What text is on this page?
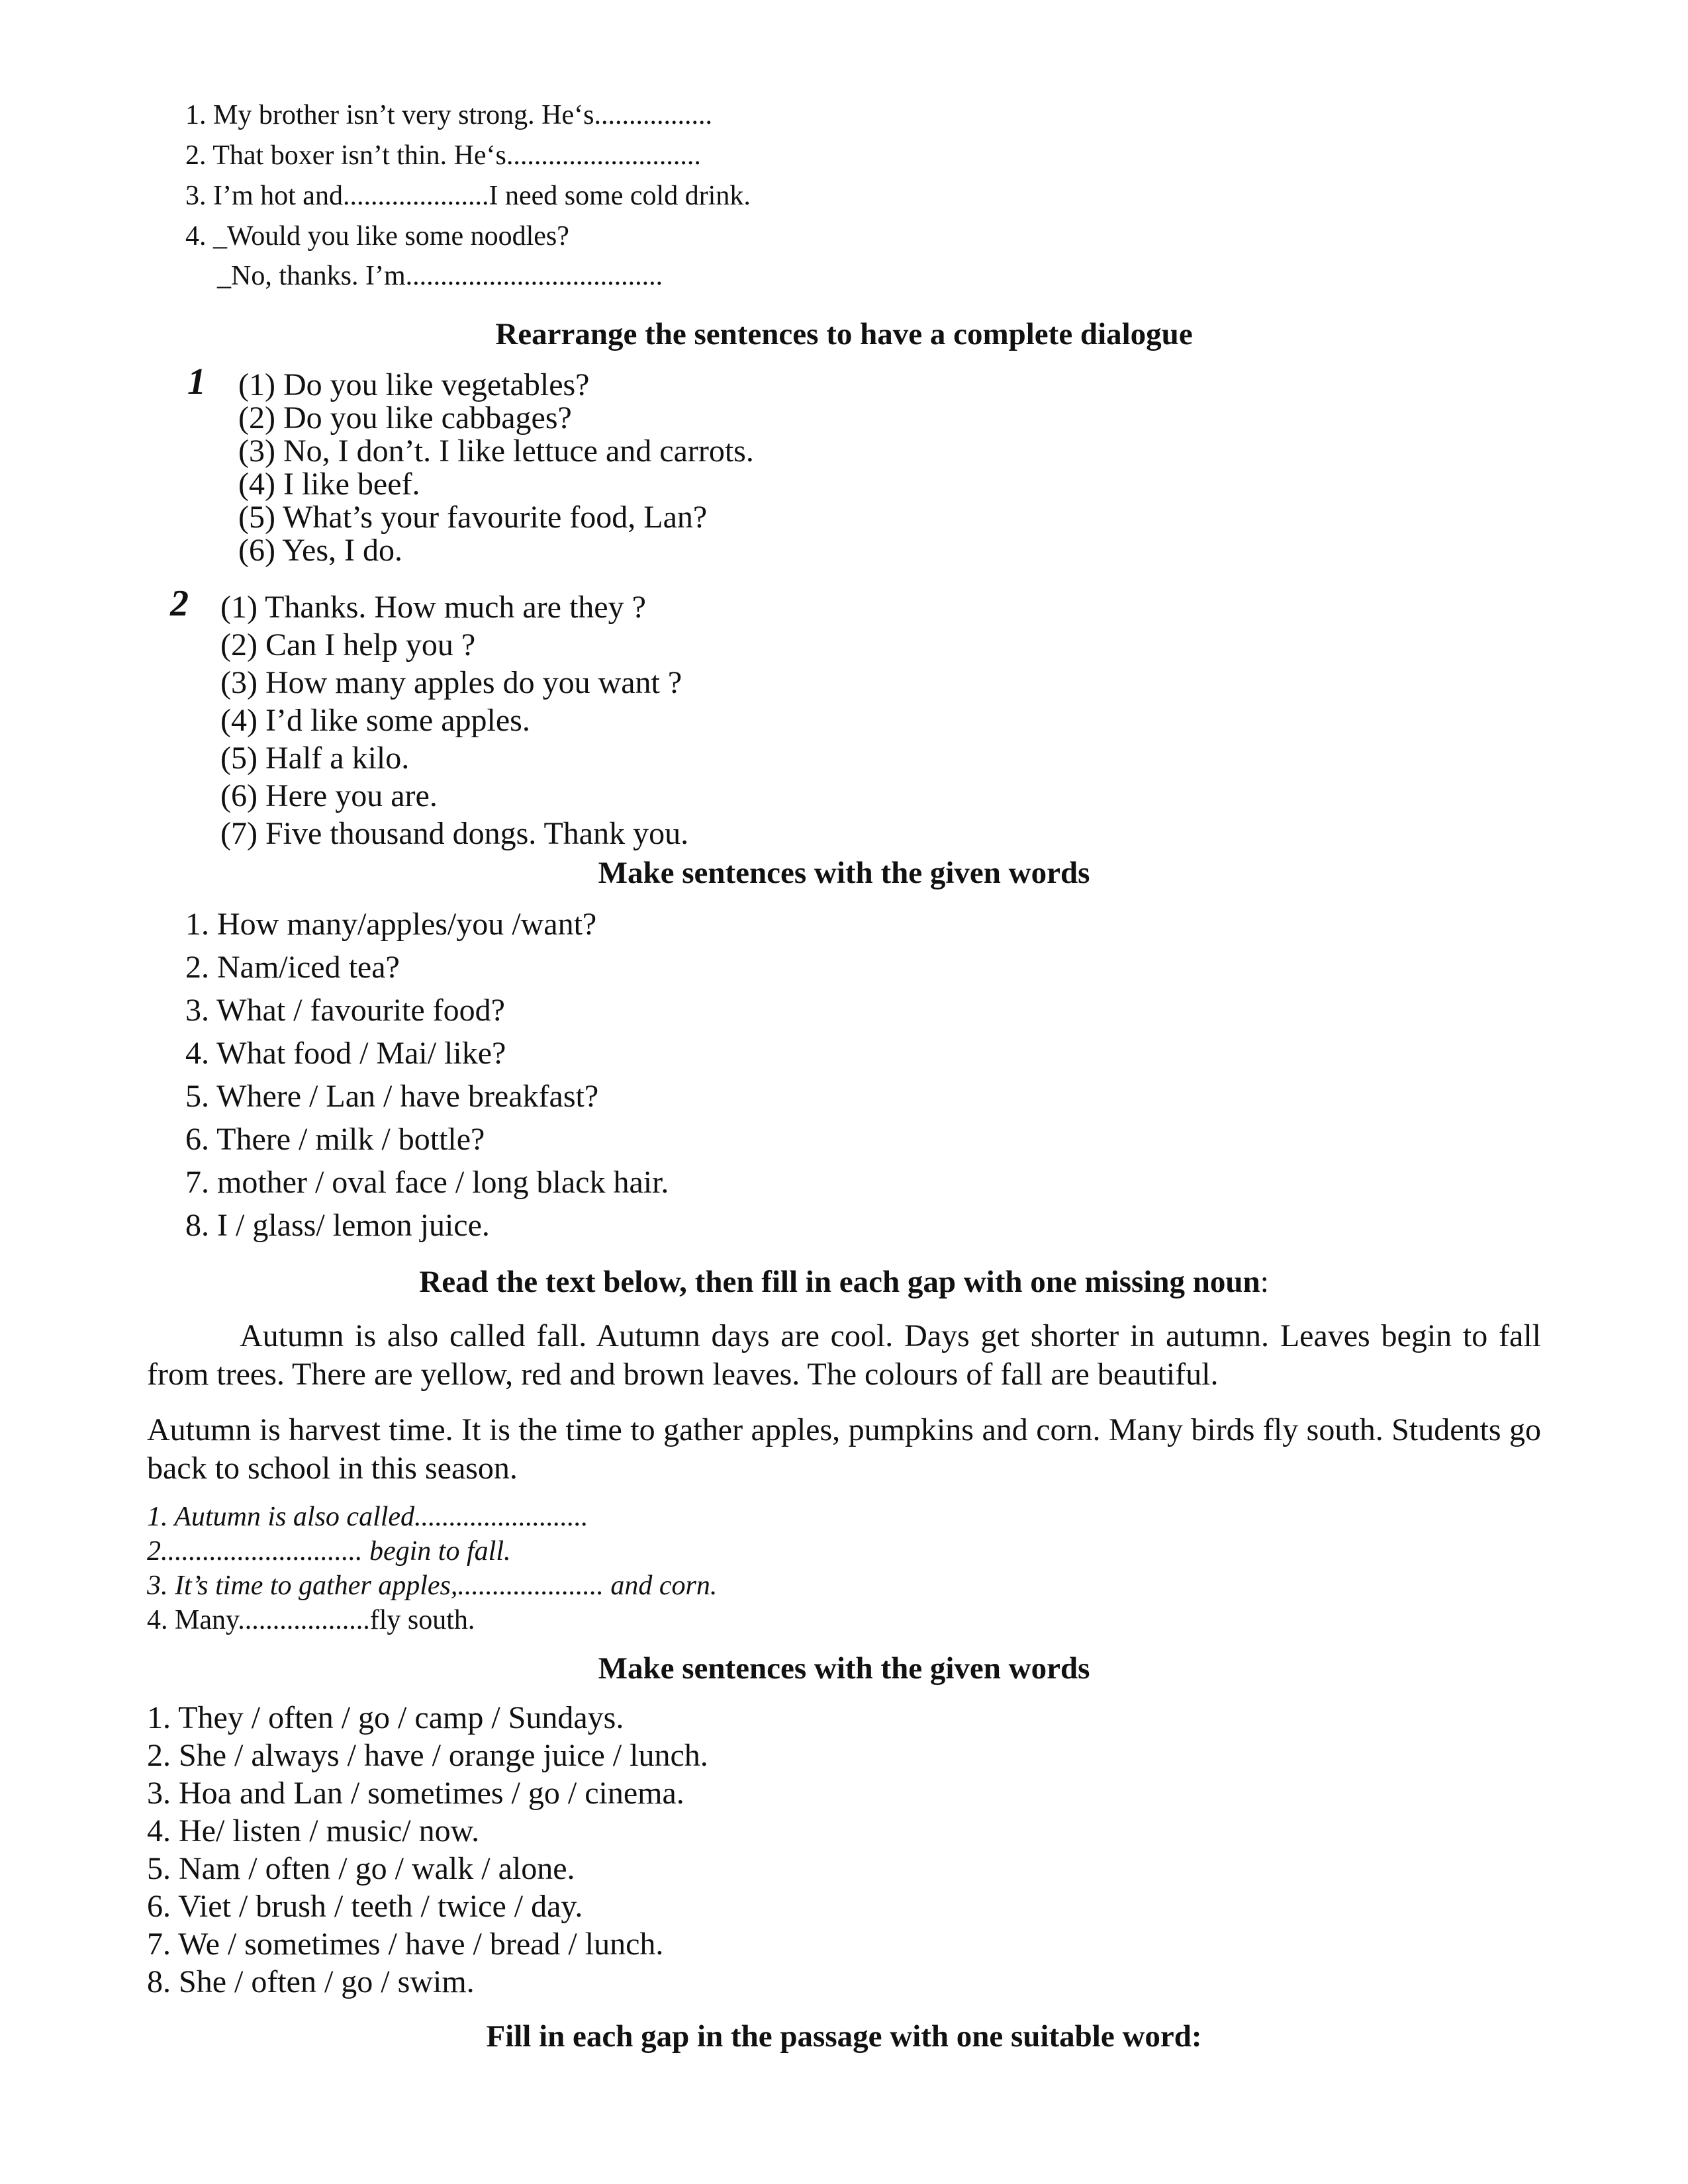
1. My brother isn’t very strong. He‘s.................

2. That boxer isn’t thin. He‘s............................

3. I’m hot and.....................I need some cold drink.

4. _Would you like some noodles?

_No, thanks. I’m.....................................

Rearrange the sentences to have a complete dialogue
1 (1) Do you like vegetables?

(2) Do you like cabbages?

(3) No, I don’t. I like lettuce and carrots.

(4) I like beef.

(5) What’s your favourite food, Lan?

(6) Yes, I do.

2 (1) Thanks. How much are they ?

(2) Can I help you ?

(3) How many apples do you want ?

(4) I’d like some apples.

(5) Half a kilo.

(6) Here you are.

(7) Five thousand dongs. Thank you.

Make sentences with the given words

1. How many/apples/you /want?

2. Nam/iced tea?

3. What / favourite food?

4. What food / Mai/ like?

5. Where / Lan / have breakfast?

6. There / milk / bottle?

7. mother / oval face / long black hair.

8. I / glass/ lemon juice.

Read the text below, then fill in each gap with one missing noun:

Autumn is also called fall. Autumn days are cool. Days get shorter in autumn. Leaves begin to fall from trees. There are yellow, red and brown leaves. The colours of fall are beautiful.

Autumn is harvest time. It is the time to gather apples, pumpkins and corn. Many birds fly south. Students go back to school in this season.

1. Autumn is also called.........................

2............................. begin to fall.

3. It’s time to gather apples,..................... and corn.

4. Many...................fly south.

Make sentences with the given words

1. They / often / go / camp / Sundays.

2. She / always / have / orange juice / lunch.

3. Hoa and Lan / sometimes / go / cinema.

4. He/ listen / music/ now.

5. Nam / often / go / walk / alone.

6. Viet / brush / teeth / twice / day.

7. We / sometimes / have / bread / lunch.

8. She / often / go / swim.

Fill in each gap in the passage with one suitable word:
